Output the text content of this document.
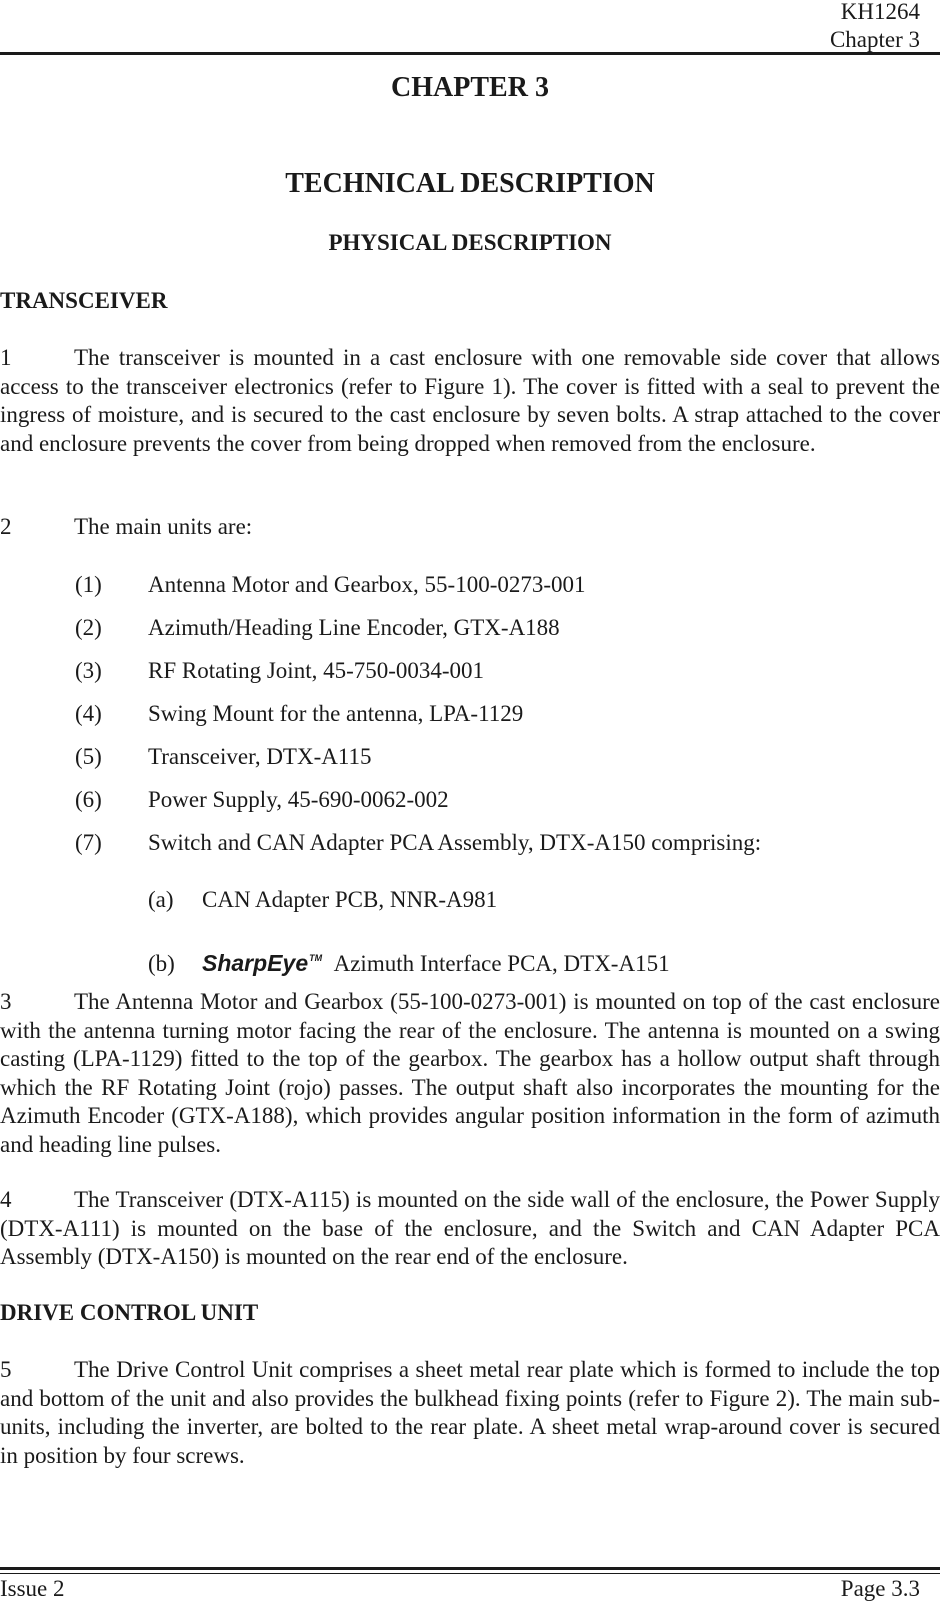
KH1264
Chapter 3
CHAPTER 3
TECHNICAL DESCRIPTION
PHYSICAL DESCRIPTION
TRANSCEIVER
1	The transceiver is mounted in a cast enclosure with one removable side cover that allows access to the transceiver electronics (refer to Figure 1). The cover is fitted with a seal to prevent the ingress of moisture, and is secured to the cast enclosure by seven bolts. A strap attached to the cover and enclosure prevents the cover from being dropped when removed from the enclosure.

2	The main units are:

(1) Antenna Motor and Gearbox, 55-100-0273-001
(2) Azimuth/Heading Line Encoder, GTX-A188
(3) RF Rotating Joint, 45-750-0034-001
(4) Swing Mount for the antenna, LPA-1129
(5) Transceiver, DTX-A115
(6) Power Supply, 45-690-0062-002
(7) Switch and CAN Adapter PCA Assembly, DTX-A150 comprising:
(a) CAN Adapter PCB, NNR-A981
(b) SharpEye™ Azimuth Interface PCA, DTX-A151
3	The Antenna Motor and Gearbox (55-100-0273-001) is mounted on top of the cast enclosure with the antenna turning motor facing the rear of the enclosure. The antenna is mounted on a swing casting (LPA-1129) fitted to the top of the gearbox. The gearbox has a hollow output shaft through which the RF Rotating Joint (rojo) passes. The output shaft also incorporates the mounting for the Azimuth Encoder (GTX-A188), which provides angular position information in the form of azimuth and heading line pulses.

4	The Transceiver (DTX-A115) is mounted on the side wall of the enclosure, the Power Supply (DTX-A111) is mounted on the base of the enclosure, and the Switch and CAN Adapter PCA Assembly (DTX-A150) is mounted on the rear end of the enclosure.

DRIVE CONTROL UNIT
5	The Drive Control Unit comprises a sheet metal rear plate which is formed to include the top and bottom of the unit and also provides the bulkhead fixing points (refer to Figure 2). The main sub-units, including the inverter, are bolted to the rear plate. A sheet metal wrap-around cover is secured in position by four screws.

Issue 2	Page 3.3
